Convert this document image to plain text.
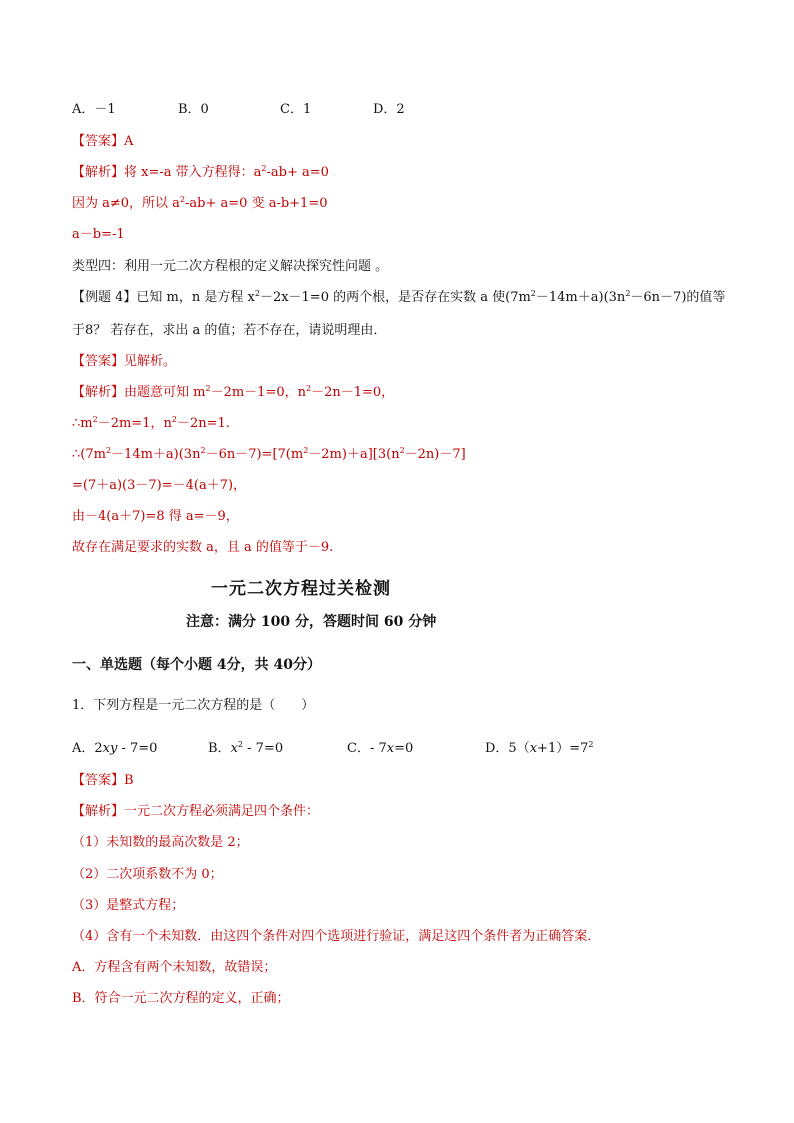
A．－1	B．0	C．1	D．2
【答案】A
【解析】将 x=-a 带入方程得：$a^2-ab+ a=0$
因为 a≠0，所以 $a^2-ab+ a=0$ 变 a-b+1=0
a－b=-1
类型四：利用一元二次方程根的定义解决探究性问题 。
【例题 4】已知 m，n 是方程 $x^2-2x-1=0$ 的两个根，是否存在实数 a 使$(7m^2-14m+a)(3n^2-6n-7)$的值等
于8？ 若存在，求出 a 的值；若不存在，请说明理由．
【答案】见解析。
【解析】由题意可知 $m^2-2m-1=0$，$n^2-2n-1=0$，
$\therefore m^2-2m=1$，$n^2-2n=1$.
$\therefore(7m^2-14m+a)(3n^2-6n-7)=[7(m^2-2m)+a][3(n^2-2n)-7]$
=(7＋a)(3－7)=－4(a＋7)，
由－4(a＋7)=8 得 a=－9，
故存在满足要求的实数 a，且 a 的值等于－9.
一元二次方程过关检测
注意：满分 100 分，答题时间 60 分钟
一、单选题（每个小题 4分，共 40分）
1．下列方程是一元二次方程的是（　　）
A．2xy - 7=0	B．$x^2 - 7=0$	C．- 7x=0	D．$5(x+1)=7^2$
【答案】B
【解析】一元二次方程必须满足四个条件：
（1）未知数的最高次数是 2；
（2）二次项系数不为 0；
（3）是整式方程；
（4）含有一个未知数．由这四个条件对四个选项进行验证，满足这四个条件者为正确答案．
A．方程含有两个未知数，故错误；
B．符合一元二次方程的定义，正确；
